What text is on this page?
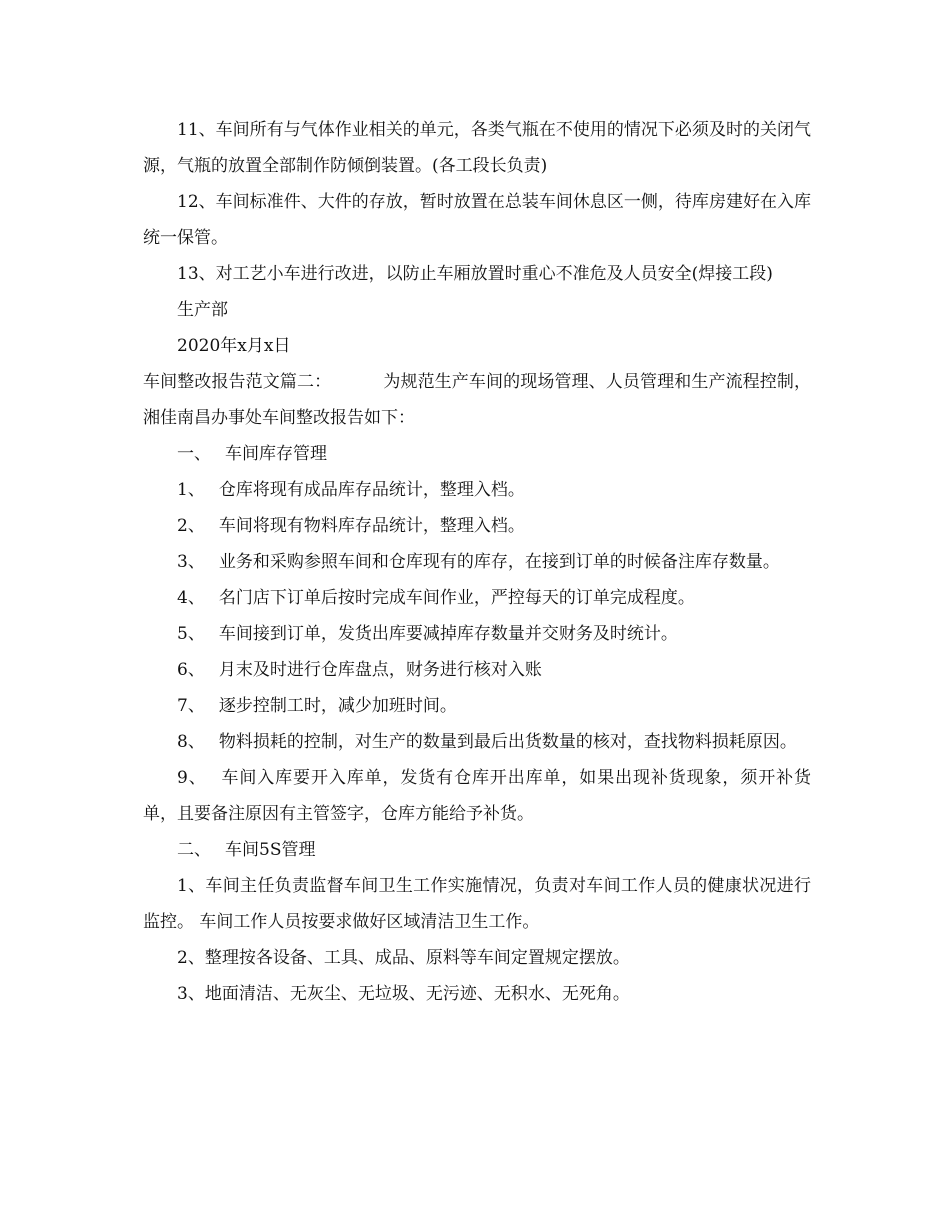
11、车间所有与气体作业相关的单元，各类气瓶在不使用的情况下必须及时的关闭气源，气瓶的放置全部制作防倾倒装置。(各工段长负责)

12、车间标准件、大件的存放，暂时放置在总装车间休息区一侧，待库房建好在入库统一保管。

13、对工艺小车进行改进，以防止车厢放置时重心不准危及人员安全(焊接工段)

生产部

2020年x月x日

车间整改报告范文篇二：	为规范生产车间的现场管理、人员管理和生产流程控制，湘佳南昌办事处车间整改报告如下：

一、 车间库存管理

1、 仓库将现有成品库存品统计，整理入档。

2、 车间将现有物料库存品统计，整理入档。

3、 业务和采购参照车间和仓库现有的库存，在接到订单的时候备注库存数量。

4、 名门店下订单后按时完成车间作业，严控每天的订单完成程度。

5、 车间接到订单，发货出库要减掉库存数量并交财务及时统计。

6、 月末及时进行仓库盘点，财务进行核对入账

7、 逐步控制工时，减少加班时间。

8、 物料损耗的控制，对生产的数量到最后出货数量的核对，查找物料损耗原因。

9、 车间入库要开入库单，发货有仓库开出库单，如果出现补货现象，须开补货单，且要备注原因有主管签字，仓库方能给予补货。

二、 车间5S管理

1、车间主任负责监督车间卫生工作实施情况，负责对车间工作人员的健康状况进行监控。 车间工作人员按要求做好区域清洁卫生工作。

2、整理按各设备、工具、成品、原料等车间定置规定摆放。

3、地面清洁、无灰尘、无垃圾、无污迹、无积水、无死角。
